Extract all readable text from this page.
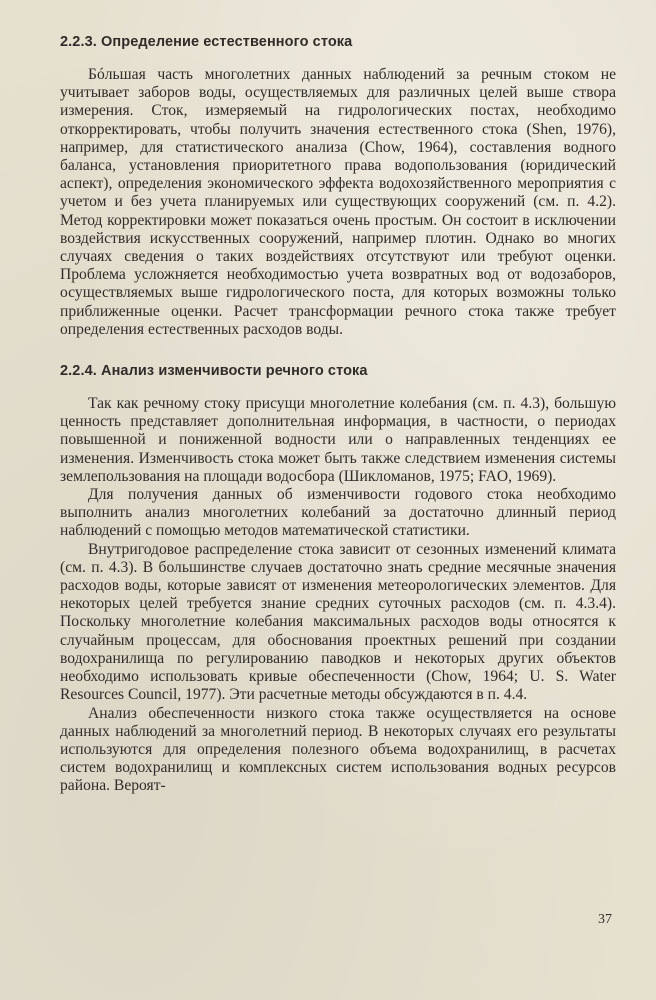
2.2.3. Определение естественного стока

Бóльшая часть многолетних данных наблюдений за речным стоком не учитывает заборов воды, осуществляемых для различных целей выше створа измерения. Сток, измеряемый на гидрологических постах, необходимо откорректировать, чтобы получить значения естественного стока (Shen, 1976), например, для статистического анализа (Chow, 1964), составления водного баланса, установления приоритетного права водопользования (юридический аспект), определения экономического эффекта водохозяйственного мероприятия с учетом и без учета планируемых или существующих сооружений (см. п. 4.2). Метод корректировки может показаться очень простым. Он состоит в исключении воздействия искусственных сооружений, например плотин. Однако во многих случаях сведения о таких воздействиях отсутствуют или требуют оценки. Проблема усложняется необходимостью учета возвратных вод от водозаборов, осуществляемых выше гидрологического поста, для которых возможны только приближенные оценки. Расчет трансформации речного стока также требует определения естественных расходов воды.

2.2.4. Анализ изменчивости речного стока

Так как речному стоку присущи многолетние колебания (см. п. 4.3), большую ценность представляет дополнительная информация, в частности, о периодах повышенной и пониженной водности или о направленных тенденциях ее изменения. Изменчивость стока может быть также следствием изменения системы землепользования на площади водосбора (Шикломанов, 1975; FAO, 1969).

Для получения данных об изменчивости годового стока необходимо выполнить анализ многолетних колебаний за достаточно длинный период наблюдений с помощью методов математической статистики.

Внутригодовое распределение стока зависит от сезонных изменений климата (см. п. 4.3). В большинстве случаев достаточно знать средние месячные значения расходов воды, которые зависят от изменения метеорологических элементов. Для некоторых целей требуется знание средних суточных расходов (см. п. 4.3.4). Поскольку многолетние колебания максимальных расходов воды относятся к случайным процессам, для обоснования проектных решений при создании водохранилища по регулированию паводков и некоторых других объектов необходимо использовать кривые обеспеченности (Chow, 1964; U. S. Water Resources Council, 1977). Эти расчетные методы обсуждаются в п. 4.4.

Анализ обеспеченности низкого стока также осуществляется на основе данных наблюдений за многолетний период. В некоторых случаях его результаты используются для определения полезного объема водохранилищ, в расчетах систем водохранилищ и комплексных систем использования водных ресурсов района. Вероят-

37
